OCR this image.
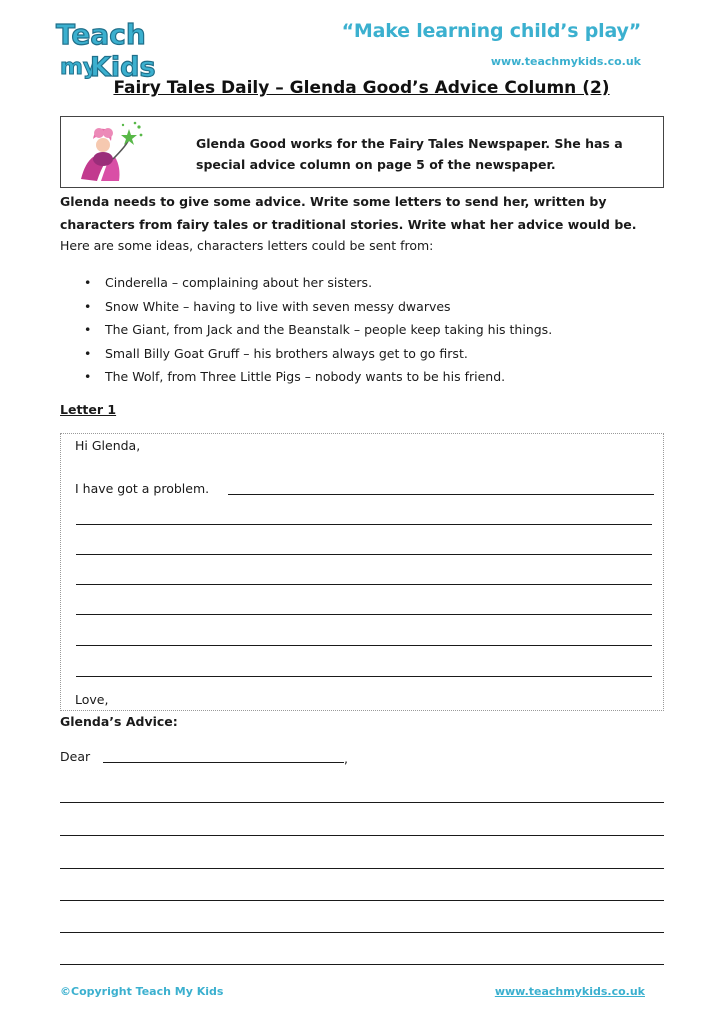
Teach
my
Kids
“Make learning child’s play”
www.teachmykids.co.uk
Fairy Tales Daily – Glenda Good’s Advice Column (2)
Glenda Good works for the Fairy Tales Newspaper. She has a
special advice column on page 5 of the newspaper.
Glenda needs to give some advice. Write some letters to send her, written by
characters from fairy tales or traditional stories. Write what her advice would be.
Here are some ideas, characters letters could be sent from:
• Cinderella – complaining about her sisters.
• Snow White – having to live with seven messy dwarves
• The Giant, from Jack and the Beanstalk – people keep taking his things.
• Small Billy Goat Gruff – his brothers always get to go first.
• The Wolf, from Three Little Pigs – nobody wants to be his friend.
Letter 1
Hi Glenda,
I have got a problem.
Love,
Glenda’s Advice:
Dear	,
©Copyright Teach My Kids	www.teachmykids.co.uk
